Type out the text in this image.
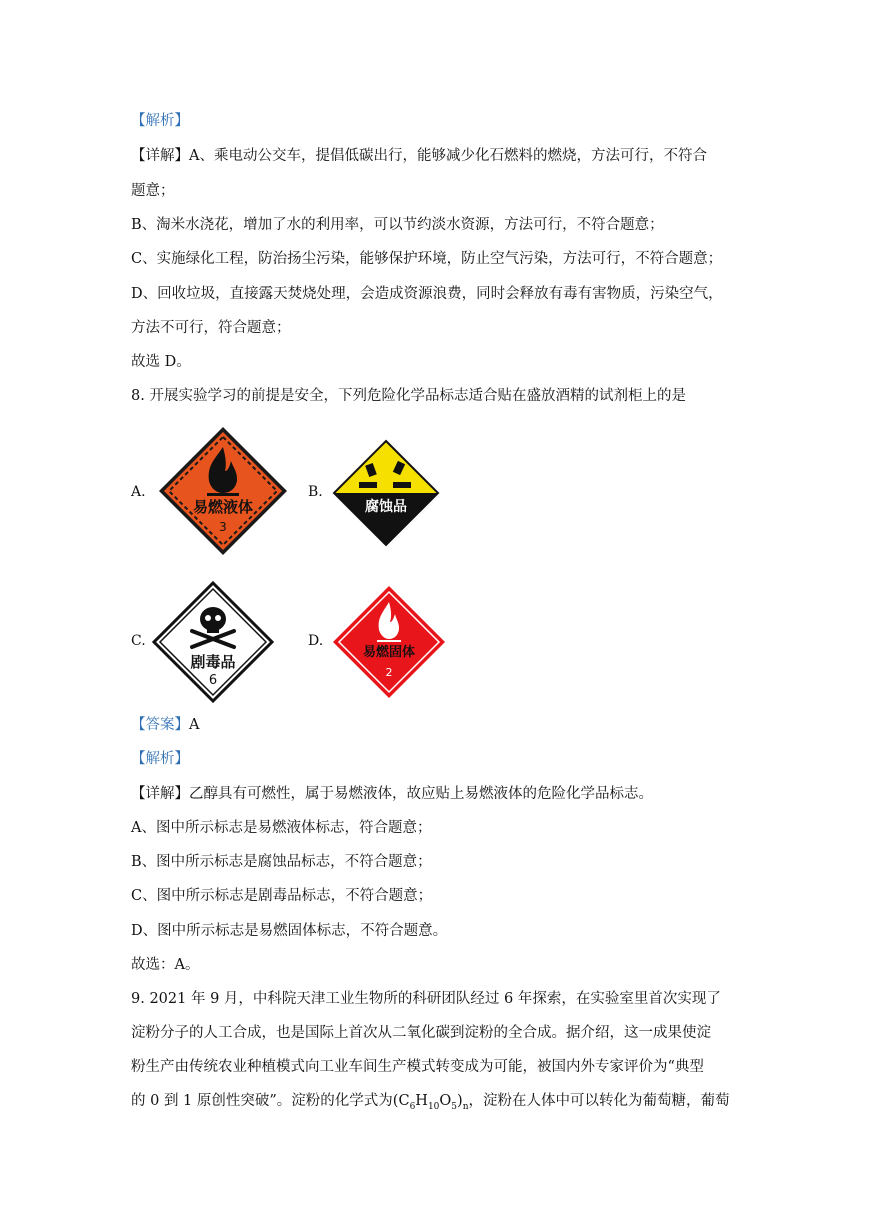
【解析】
【详解】A、乘电动公交车，提倡低碳出行，能够减少化石燃料的燃烧，方法可行，不符合
题意；
B、淘米水浇花，增加了水的利用率，可以节约淡水资源，方法可行，不符合题意；
C、实施绿化工程，防治扬尘污染，能够保护环境，防止空气污染，方法可行，不符合题意；
D、回收垃圾，直接露天焚烧处理，会造成资源浪费，同时会释放有毒有害物质，污染空气，
方法不可行，符合题意；
故选 D。
8. 开展实验学习的前提是安全，下列危险化学品标志适合贴在盛放酒精的试剂柜上的是
A.
易燃液体
3
B.
腐蚀品
C.
剧毒品
6
D.
易燃固体
2
【答案】A
【解析】
【详解】乙醇具有可燃性，属于易燃液体，故应贴上易燃液体的危险化学品标志。
A、图中所示标志是易燃液体标志，符合题意；
B、图中所示标志是腐蚀品标志，不符合题意；
C、图中所示标志是剧毒品标志，不符合题意；
D、图中所示标志是易燃固体标志，不符合题意。
故选：A。
9. 2021 年 9 月，中科院天津工业生物所的科研团队经过 6 年探索，在实验室里首次实现了
淀粉分子的人工合成，也是国际上首次从二氧化碳到淀粉的全合成。据介绍，这一成果使淀
粉生产由传统农业种植模式向工业车间生产模式转变成为可能，被国内外专家评价为“典型
的 0 到 1 原创性突破”。淀粉的化学式为$(C_6H_{10}O_5)_n$，淀粉在人体中可以转化为葡萄糖，葡萄
